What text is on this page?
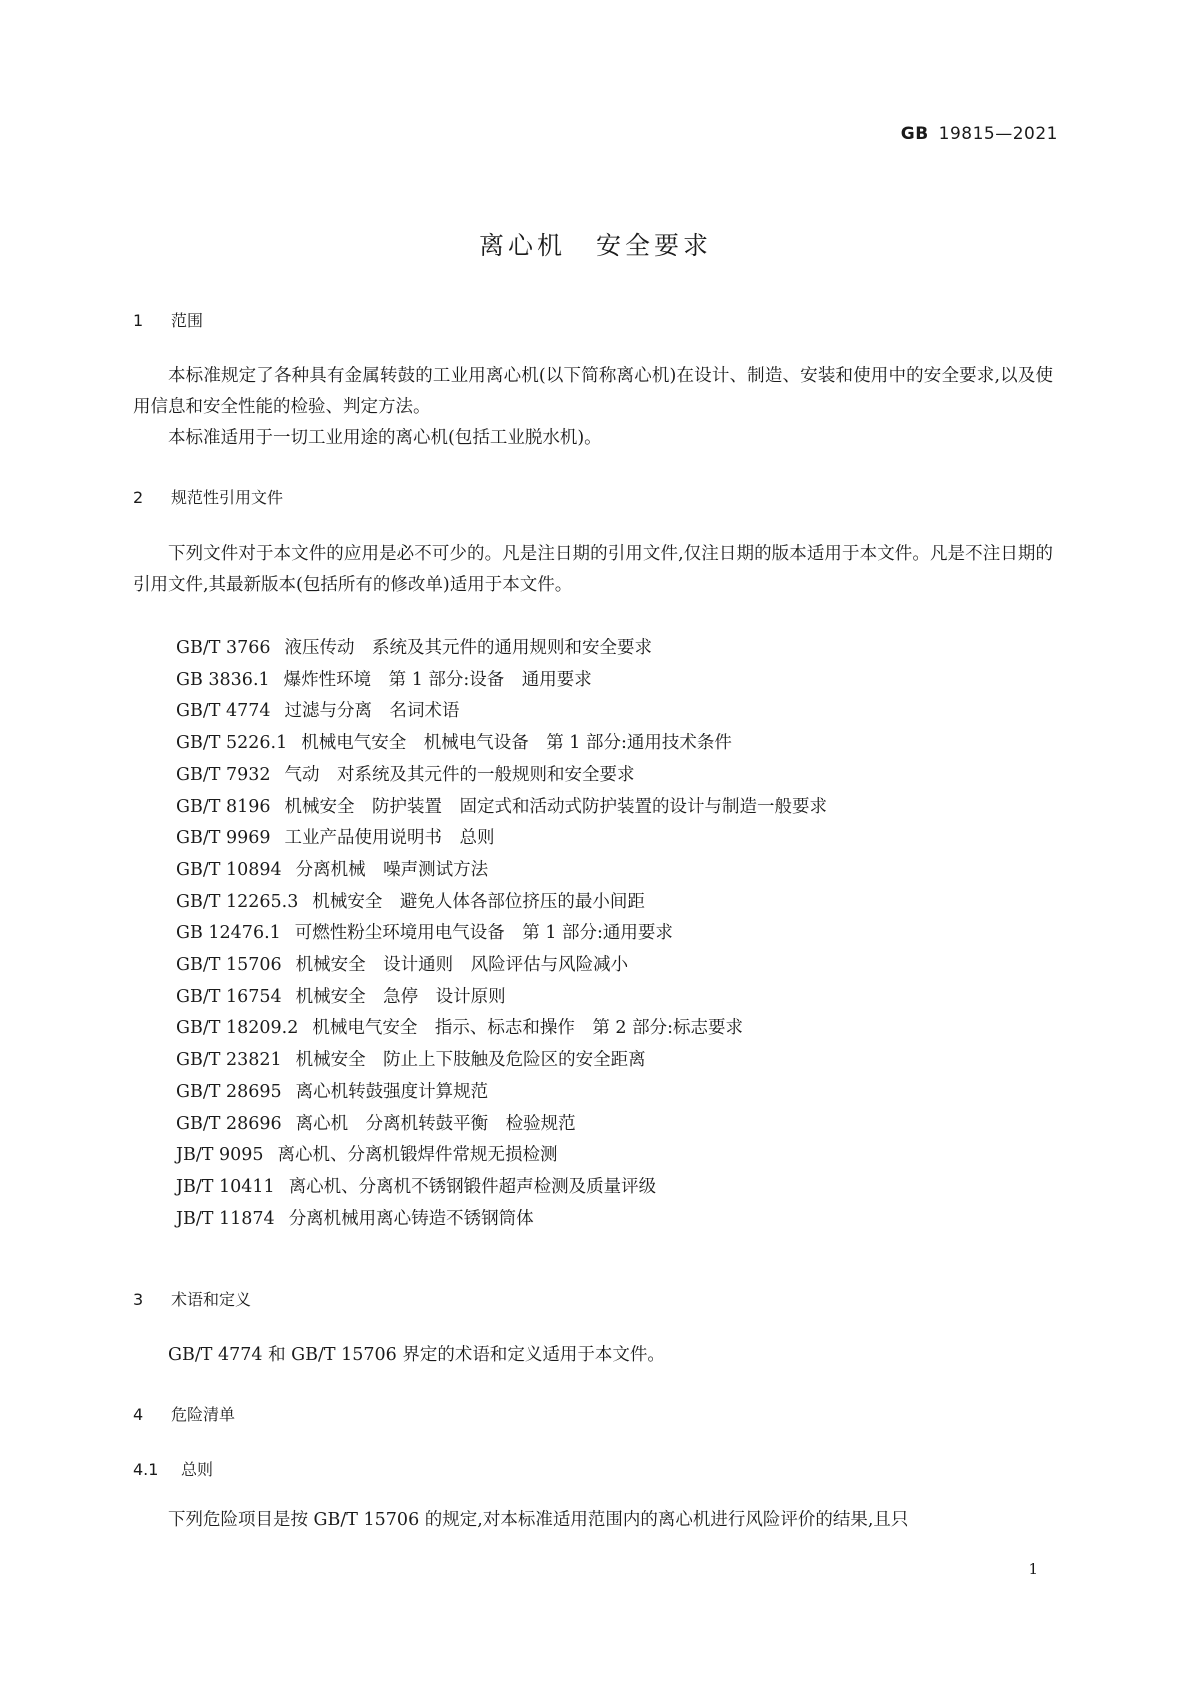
GB 19815—2021
离心机 安全要求
1 范围

本标准规定了各种具有金属转鼓的工业用离心机(以下简称离心机)在设计、制造、安装和使用中的安全要求,以及使用信息和安全性能的检验、判定方法。

本标准适用于一切工业用途的离心机(包括工业脱水机)。

2 规范性引用文件

下列文件对于本文件的应用是必不可少的。凡是注日期的引用文件,仅注日期的版本适用于本文件。凡是不注日期的引用文件,其最新版本(包括所有的修改单)适用于本文件。

GB/T 3766 液压传动　系统及其元件的通用规则和安全要求
GB 3836.1 爆炸性环境　第 1 部分:设备　通用要求
GB/T 4774 过滤与分离　名词术语
GB/T 5226.1 机械电气安全　机械电气设备　第 1 部分:通用技术条件
GB/T 7932 气动　对系统及其元件的一般规则和安全要求
GB/T 8196 机械安全　防护装置　固定式和活动式防护装置的设计与制造一般要求
GB/T 9969 工业产品使用说明书　总则
GB/T 10894 分离机械　噪声测试方法
GB/T 12265.3 机械安全　避免人体各部位挤压的最小间距
GB 12476.1 可燃性粉尘环境用电气设备　第 1 部分:通用要求
GB/T 15706 机械安全　设计通则　风险评估与风险减小
GB/T 16754 机械安全　急停　设计原则
GB/T 18209.2 机械电气安全　指示、标志和操作　第 2 部分:标志要求
GB/T 23821 机械安全　防止上下肢触及危险区的安全距离
GB/T 28695 离心机转鼓强度计算规范
GB/T 28696 离心机　分离机转鼓平衡　检验规范
JB/T 9095 离心机、分离机锻焊件常规无损检测
JB/T 10411 离心机、分离机不锈钢锻件超声检测及质量评级
JB/T 11874 分离机械用离心铸造不锈钢筒体
3 术语和定义

GB/T 4774 和 GB/T 15706 界定的术语和定义适用于本文件。

4 危险清单
4.1 总则

下列危险项目是按 GB/T 15706 的规定,对本标准适用范围内的离心机进行风险评价的结果,且只

1
